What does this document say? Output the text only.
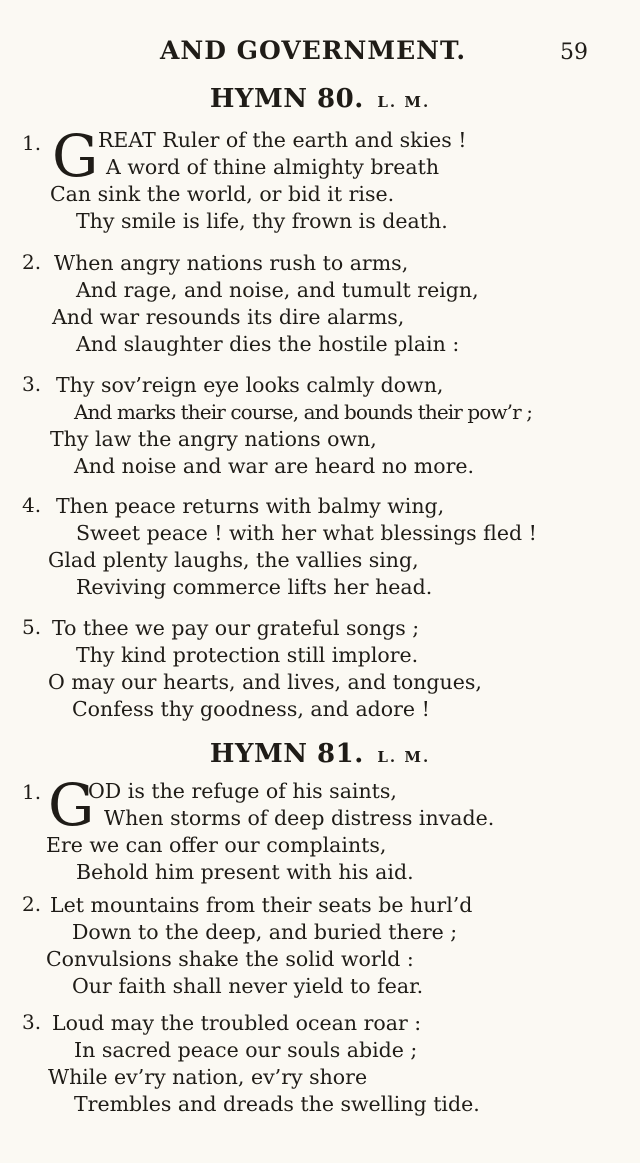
AND GOVERNMENT.	59
HYMN 80. L. M.
1. G REAT Ruler of the earth and skies !
A word of thine almighty breath
Can sink the world, or bid it rise.
Thy smile is life, thy frown is death.
2. When angry nations rush to arms,
And rage, and noise, and tumult reign,
And war resounds its dire alarms,
And slaughter dies the hostile plain :
3. Thy sov’reign eye looks calmly down,
And marks their course, and bounds their pow’r ;
Thy law the angry nations own,
And noise and war are heard no more.
4. Then peace returns with balmy wing,
Sweet peace ! with her what blessings fled !
Glad plenty laughs, the vallies sing,
Reviving commerce lifts her head.
5. To thee we pay our grateful songs ;
Thy kind protection still implore.
O may our hearts, and lives, and tongues,
Confess thy goodness, and adore !
HYMN 81. L. M.
1. G
OD is the refuge of his saints,
When storms of deep distress invade.
Ere we can offer our complaints,
Behold him present with his aid.
2. Let mountains from their seats be hurl’d
Down to the deep, and buried there ;
Convulsions shake the solid world :
Our faith shall never yield to fear.
3. Loud may the troubled ocean roar :
In sacred peace our souls abide ;
While ev’ry nation, ev’ry shore
Trembles and dreads the swelling tide.
